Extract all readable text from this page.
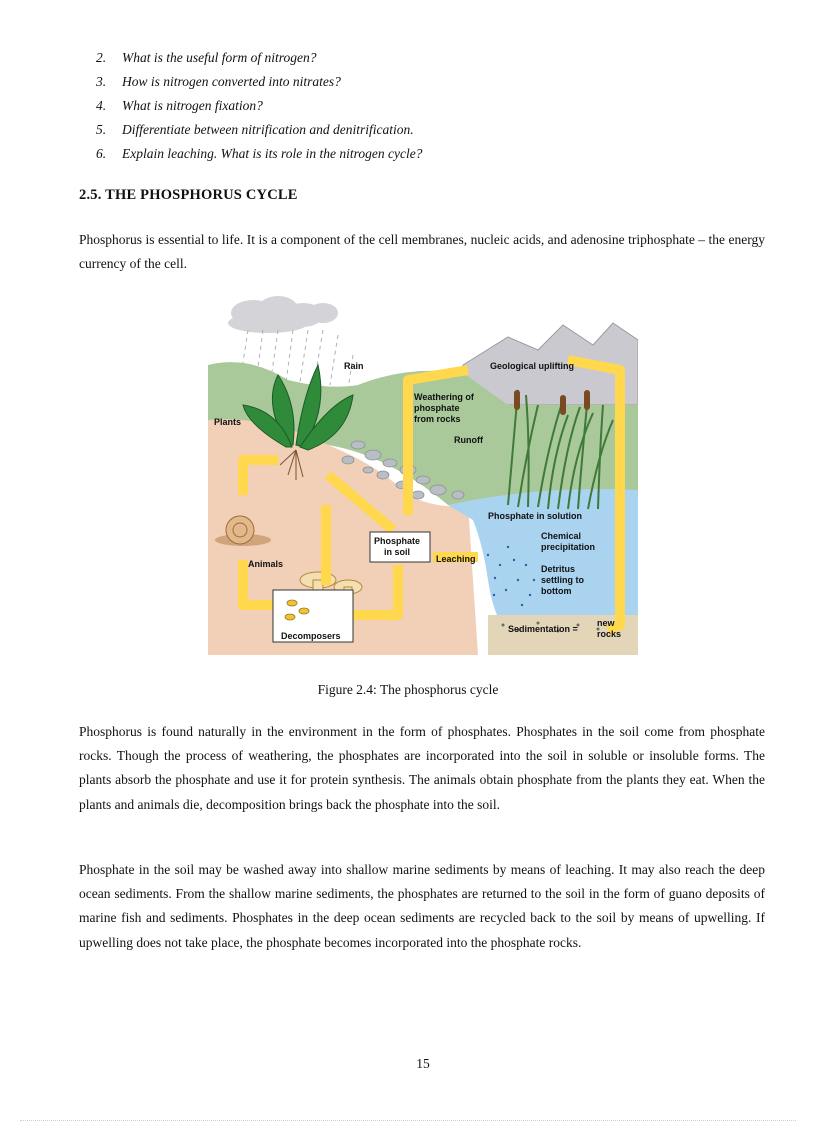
2. What is the useful form of nitrogen?
3. How is nitrogen converted into nitrates?
4. What is nitrogen fixation?
5. Differentiate between nitrification and denitrification.
6. Explain leaching. What is its role in the nitrogen cycle?
2.5. THE PHOSPHORUS CYCLE

Phosphorus is essential to life. It is a component of the cell membranes, nucleic acids, and adenosine triphosphate – the energy currency of the cell.

Rain
Plants
Animals
Decomposers
Phosphate
in soil
Leaching
Geological uplifting
Weathering of
phosphate
from rocks
Runoff
Phosphate in solution
Chemical
precipitation
Detritus
settling to
bottom
Sedimentation =
new
rocks
Figure 2.4: The phosphorus cycle

Phosphorus is found naturally in the environment in the form of phosphates. Phosphates in the soil come from phosphate rocks. Though the process of weathering, the phosphates are incorporated into the soil in soluble or insoluble forms. The plants absorb the phosphate and use it for protein synthesis. The animals obtain phosphate from the plants they eat. When the plants and animals die, decomposition brings back the phosphate into the soil.

Phosphate in the soil may be washed away into shallow marine sediments by means of leaching. It may also reach the deep ocean sediments. From the shallow marine sediments, the phosphates are returned to the soil in the form of guano deposits of marine fish and sediments. Phosphates in the deep ocean sediments are recycled back to the soil by means of upwelling. If upwelling does not take place, the phosphate becomes incorporated into the phosphate rocks.

15
